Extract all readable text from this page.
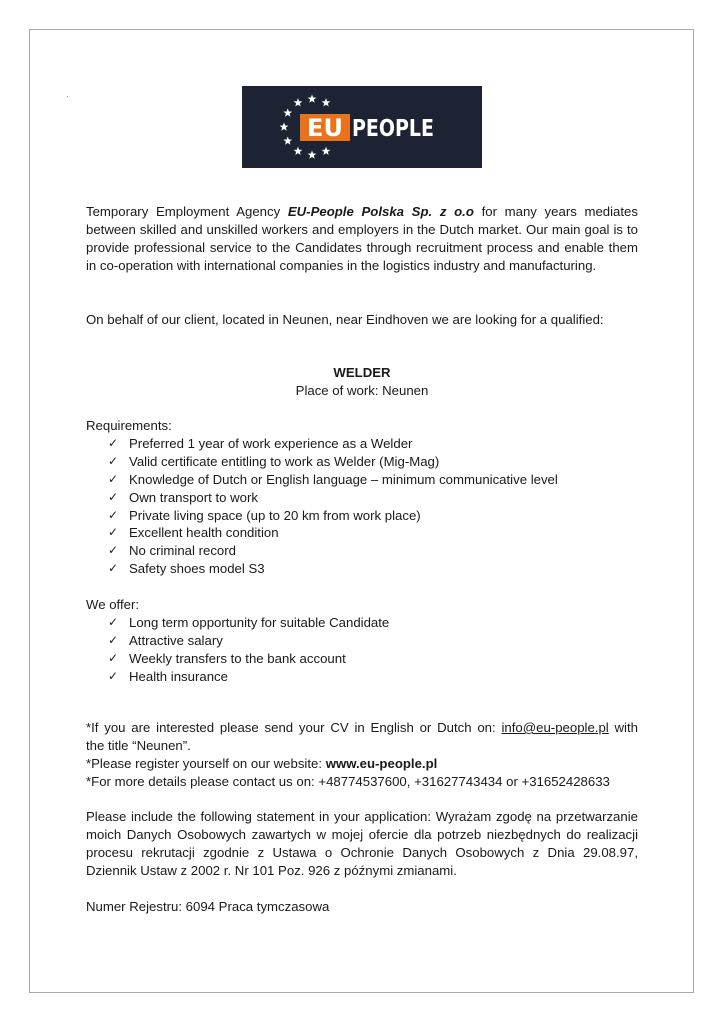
EU PEOPLE

Temporary Employment Agency EU-People Polska Sp. z o.o for many years mediates between skilled and unskilled workers and employers in the Dutch market. Our main goal is to provide professional service to the Candidates through recruitment process and enable them in co-operation with international companies in the logistics industry and manufacturing.

On behalf of our client, located in Neunen, near Eindhoven we are looking for a qualified:

WELDER
Place of work: Neunen
Requirements:
✓ Preferred 1 year of work experience as a Welder
✓ Valid certificate entitling to work as Welder (Mig-Mag)
✓ Knowledge of Dutch or English language – minimum communicative level
✓ Own transport to work
✓ Private living space (up to 20 km from work place)
✓ Excellent health condition
✓ No criminal record
✓ Safety shoes model S3
We offer:
✓ Long term opportunity for suitable Candidate
✓ Attractive salary
✓ Weekly transfers to the bank account
✓ Health insurance
*If you are interested please send your CV in English or Dutch on: info@eu-people.pl with
the title “Neunen”.
*Please register yourself on our website: www.eu-people.pl
*For more details please contact us on: +48774537600, +31627743434 or +31652428633

Please include the following statement in your application: Wyrażam zgodę na przetwarzanie moich Danych Osobowych zawartych w mojej ofercie dla potrzeb niezbędnych do realizacji procesu rekrutacji zgodnie z Ustawa o Ochronie Danych Osobowych z Dnia 29.08.97, Dziennik Ustaw z 2002 r. Nr 101 Poz. 926 z późnymi zmianami.

Numer Rejestru: 6094 Praca tymczasowa
